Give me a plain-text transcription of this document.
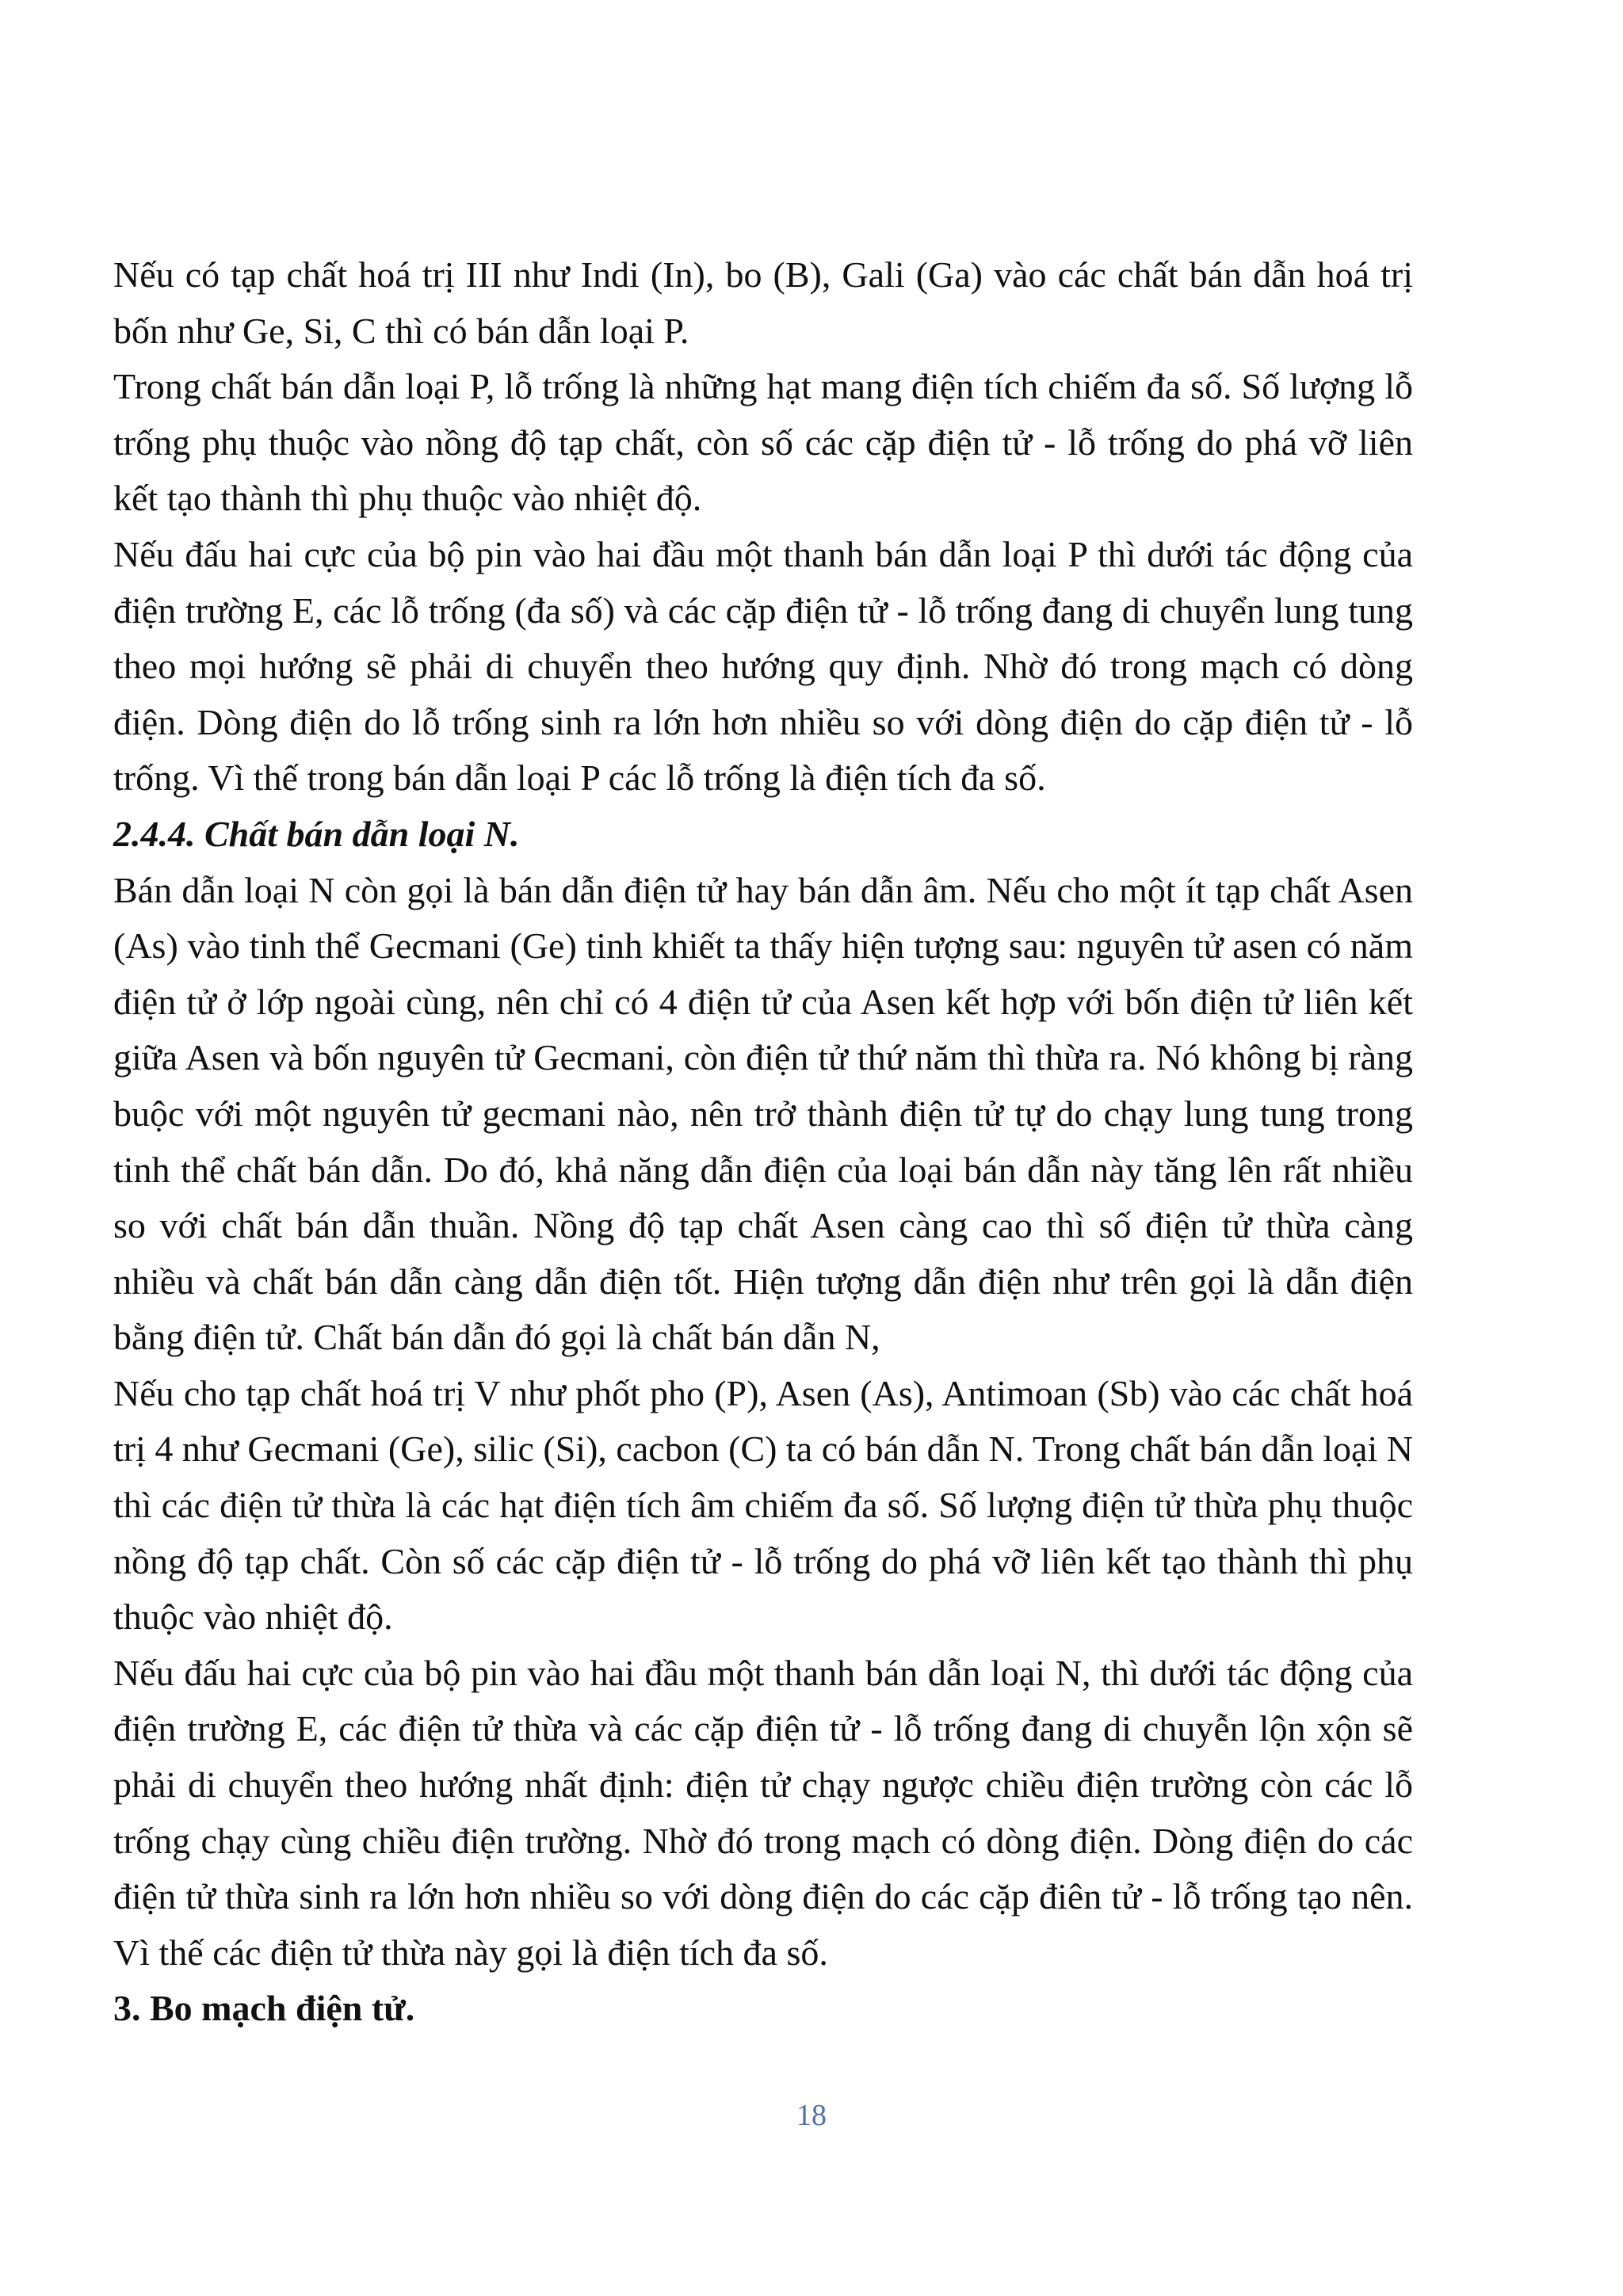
Nếu có tạp chất hoá trị III như Indi (In), bo (B), Gali (Ga) vào các chất bán dẫn hoá trị bốn như Ge, Si, C thì có bán dẫn loại P.

Trong chất bán dẫn loại P, lỗ trống là những hạt mang điện tích chiếm đa số. Số lượng lỗ trống phụ thuộc vào nồng độ tạp chất, còn số các cặp điện tử - lỗ trống do phá vỡ liên kết tạo thành thì phụ thuộc vào nhiệt độ.

Nếu đấu hai cực của bộ pin vào hai đầu một thanh bán dẫn loại P thì dưới tác động của điện trường E, các lỗ trống (đa số) và các cặp điện tử - lỗ trống đang di chuyển lung tung theo mọi hướng sẽ phải di chuyển theo hướng quy định. Nhờ đó trong mạch có dòng điện. Dòng điện do lỗ trống sinh ra lớn hơn nhiều so với dòng điện do cặp điện tử - lỗ trống. Vì thế trong bán dẫn loại P các lỗ trống là điện tích đa số.

2.4.4. Chất bán dẫn loại N.

Bán dẫn loại N còn gọi là bán dẫn điện tử hay bán dẫn âm. Nếu cho một ít tạp chất Asen (As) vào tinh thể Gecmani (Ge) tinh khiết ta thấy hiện tượng sau: nguyên tử asen có năm điện tử ở lớp ngoài cùng, nên chỉ có 4 điện tử của Asen kết hợp với bốn điện tử liên kết giữa Asen và bốn nguyên tử Gecmani, còn điện tử thứ năm thì thừa ra. Nó không bị ràng buộc với một nguyên tử gecmani nào, nên trở thành điện tử tự do chạy lung tung trong tinh thể chất bán dẫn. Do đó, khả năng dẫn điện của loại bán dẫn này tăng lên rất nhiều so với chất bán dẫn thuần. Nồng độ tạp chất Asen càng cao thì số điện tử thừa càng nhiều và chất bán dẫn càng dẫn điện tốt. Hiện tượng dẫn điện như trên gọi là dẫn điện bằng điện tử. Chất bán dẫn đó gọi là chất bán dẫn N,

Nếu cho tạp chất hoá trị V như phốt pho (P), Asen (As), Antimoan (Sb) vào các chất hoá trị 4 như Gecmani (Ge), silic (Si), cacbon (C) ta có bán dẫn N. Trong chất bán dẫn loại N thì các điện tử thừa là các hạt điện tích âm chiếm đa số. Số lượng điện tử thừa phụ thuộc nồng độ tạp chất. Còn số các cặp điện tử - lỗ trống do phá vỡ liên kết tạo thành thì phụ thuộc vào nhiệt độ.

Nếu đấu hai cực của bộ pin vào hai đầu một thanh bán dẫn loại N, thì dưới tác động của điện trường E, các điện tử thừa và các cặp điện tử - lỗ trống đang di chuyễn lộn xộn sẽ phải di chuyển theo hướng nhất định: điện tử chạy ngược chiều điện trường còn các lỗ trống chạy cùng chiều điện trường. Nhờ đó trong mạch có dòng điện. Dòng điện do các điện tử thừa sinh ra lớn hơn nhiều so với dòng điện do các cặp điên tử - lỗ trống tạo nên. Vì thế các điện tử thừa này gọi là điện tích đa số.

3. Bo mạch điện tử.
18
